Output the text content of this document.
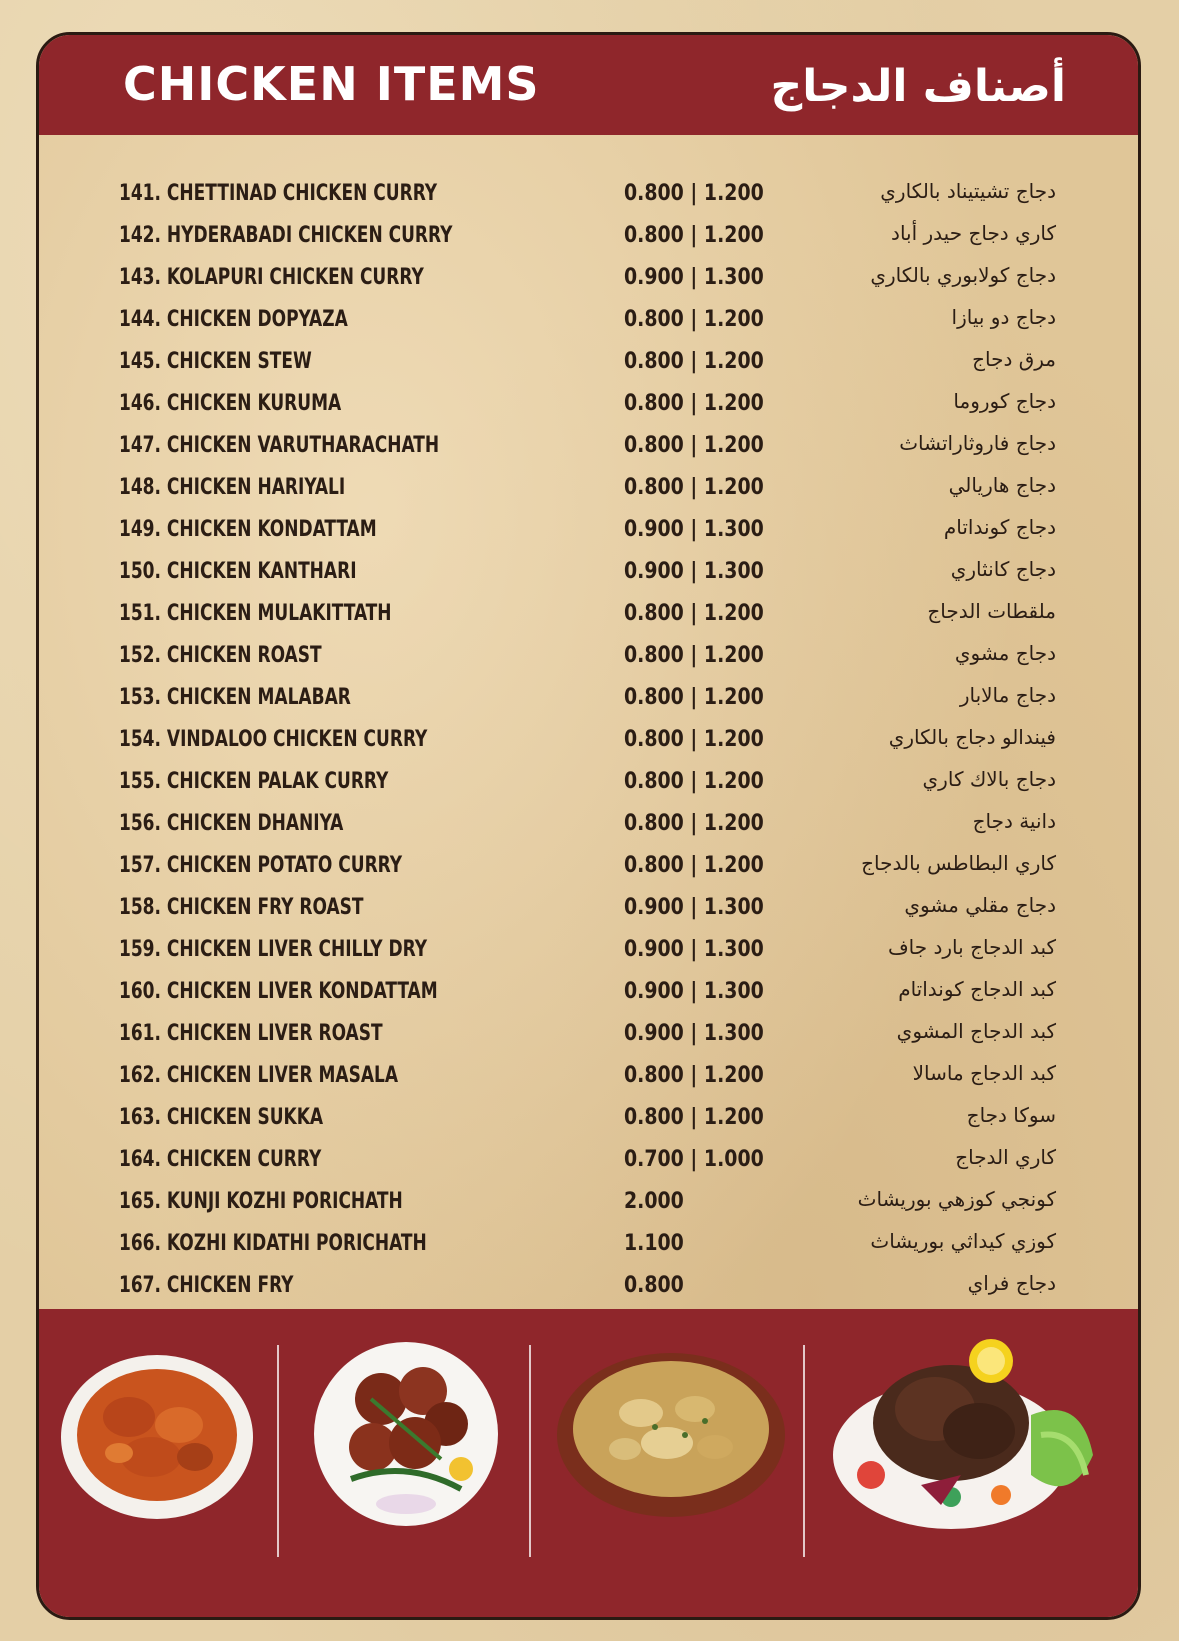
CHICKEN ITEMS	أصناف الدجاج
141. CHETTINAD CHICKEN CURRY	0.800 | 1.200	دجاج تشيتيناد بالكاري
142. HYDERABADI CHICKEN CURRY	0.800 | 1.200	كاري دجاج حيدر أباد
143. KOLAPURI CHICKEN CURRY	0.900 | 1.300	دجاج كولابوري بالكاري
144. CHICKEN DOPYAZA	0.800 | 1.200	دجاج دو بيازا
145. CHICKEN STEW	0.800 | 1.200	مرق دجاج
146. CHICKEN KURUMA	0.800 | 1.200	دجاج كوروما
147. CHICKEN VARUTHARACHATH	0.800 | 1.200	دجاج فاروثاراتشاث
148. CHICKEN HARIYALI	0.800 | 1.200	دجاج هاريالي
149. CHICKEN KONDATTAM	0.900 | 1.300	دجاج كونداتام
150. CHICKEN KANTHARI	0.900 | 1.300	دجاج كانثاري
151. CHICKEN MULAKITTATH	0.800 | 1.200	ملقطات الدجاج
152. CHICKEN ROAST	0.800 | 1.200	دجاج مشوي
153. CHICKEN MALABAR	0.800 | 1.200	دجاج مالابار
154. VINDALOO CHICKEN CURRY	0.800 | 1.200	فيندالو دجاج بالكاري
155. CHICKEN PALAK CURRY	0.800 | 1.200	دجاج بالاك كاري
156. CHICKEN DHANIYA	0.800 | 1.200	دانية دجاج
157. CHICKEN POTATO CURRY	0.800 | 1.200	كاري البطاطس بالدجاج
158. CHICKEN FRY ROAST	0.900 | 1.300	دجاج مقلي مشوي
159. CHICKEN LIVER CHILLY DRY	0.900 | 1.300	كبد الدجاج بارد جاف
160. CHICKEN LIVER KONDATTAM	0.900 | 1.300	كبد الدجاج كونداتام
161. CHICKEN LIVER ROAST	0.900 | 1.300	كبد الدجاج المشوي
162. CHICKEN LIVER MASALA	0.800 | 1.200	كبد الدجاج ماسالا
163. CHICKEN SUKKA	0.800 | 1.200	سوكا دجاج
164. CHICKEN CURRY	0.700 | 1.000	كاري الدجاج
165. KUNJI KOZHI PORICHATH	2.000	كونجي كوزهي بوريشاث
166. KOZHI KIDATHI PORICHATH	1.100	كوزي كيداثي بوريشاث
167. CHICKEN FRY	0.800	دجاج فراي
